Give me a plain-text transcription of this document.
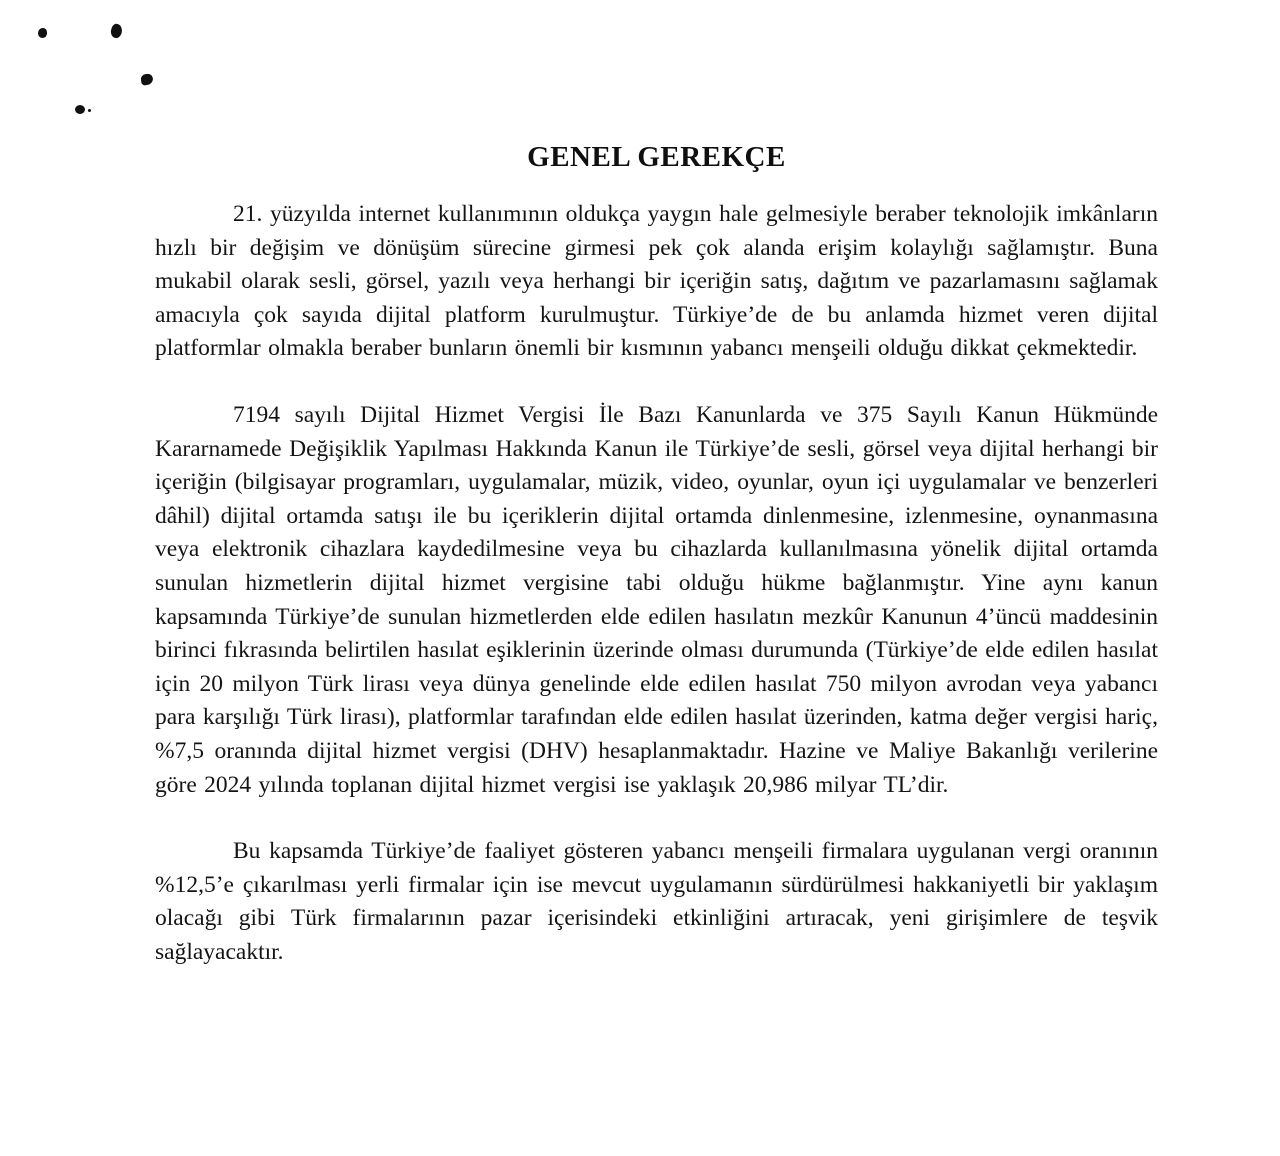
GENEL GEREKÇE

21. yüzyılda internet kullanımının oldukça yaygın hale gelmesiyle beraber teknolojik imkânların hızlı bir değişim ve dönüşüm sürecine girmesi pek çok alanda erişim kolaylığı sağlamıştır. Buna mukabil olarak sesli, görsel, yazılı veya herhangi bir içeriğin satış, dağıtım ve pazarlamasını sağlamak amacıyla çok sayıda dijital platform kurulmuştur. Türkiye’de de bu anlamda hizmet veren dijital platformlar olmakla beraber bunların önemli bir kısmının yabancı menşeili olduğu dikkat çekmektedir.

7194 sayılı Dijital Hizmet Vergisi İle Bazı Kanunlarda ve 375 Sayılı Kanun Hükmünde Kararnamede Değişiklik Yapılması Hakkında Kanun ile Türkiye’de sesli, görsel veya dijital herhangi bir içeriğin (bilgisayar programları, uygulamalar, müzik, video, oyunlar, oyun içi uygulamalar ve benzerleri dâhil) dijital ortamda satışı ile bu içeriklerin dijital ortamda dinlenmesine, izlenmesine, oynanmasına veya elektronik cihazlara kaydedilmesine veya bu cihazlarda kullanılmasına yönelik dijital ortamda sunulan hizmetlerin dijital hizmet vergisine tabi olduğu hükme bağlanmıştır. Yine aynı kanun kapsamında Türkiye’de sunulan hizmetlerden elde edilen hasılatın mezkûr Kanunun 4’üncü maddesinin birinci fıkrasında belirtilen hasılat eşiklerinin üzerinde olması durumunda (Türkiye’de elde edilen hasılat için 20 milyon Türk lirası veya dünya genelinde elde edilen hasılat 750 milyon avrodan veya yabancı para karşılığı Türk lirası), platformlar tarafından elde edilen hasılat üzerinden, katma değer vergisi hariç, %7,5 oranında dijital hizmet vergisi (DHV) hesaplanmaktadır. Hazine ve Maliye Bakanlığı verilerine göre 2024 yılında toplanan dijital hizmet vergisi ise yaklaşık 20,986 milyar TL’dir.

Bu kapsamda Türkiye’de faaliyet gösteren yabancı menşeili firmalara uygulanan vergi oranının %12,5’e çıkarılması yerli firmalar için ise mevcut uygulamanın sürdürülmesi hakkaniyetli bir yaklaşım olacağı gibi Türk firmalarının pazar içerisindeki etkinliğini artıracak, yeni girişimlere de teşvik sağlayacaktır.
